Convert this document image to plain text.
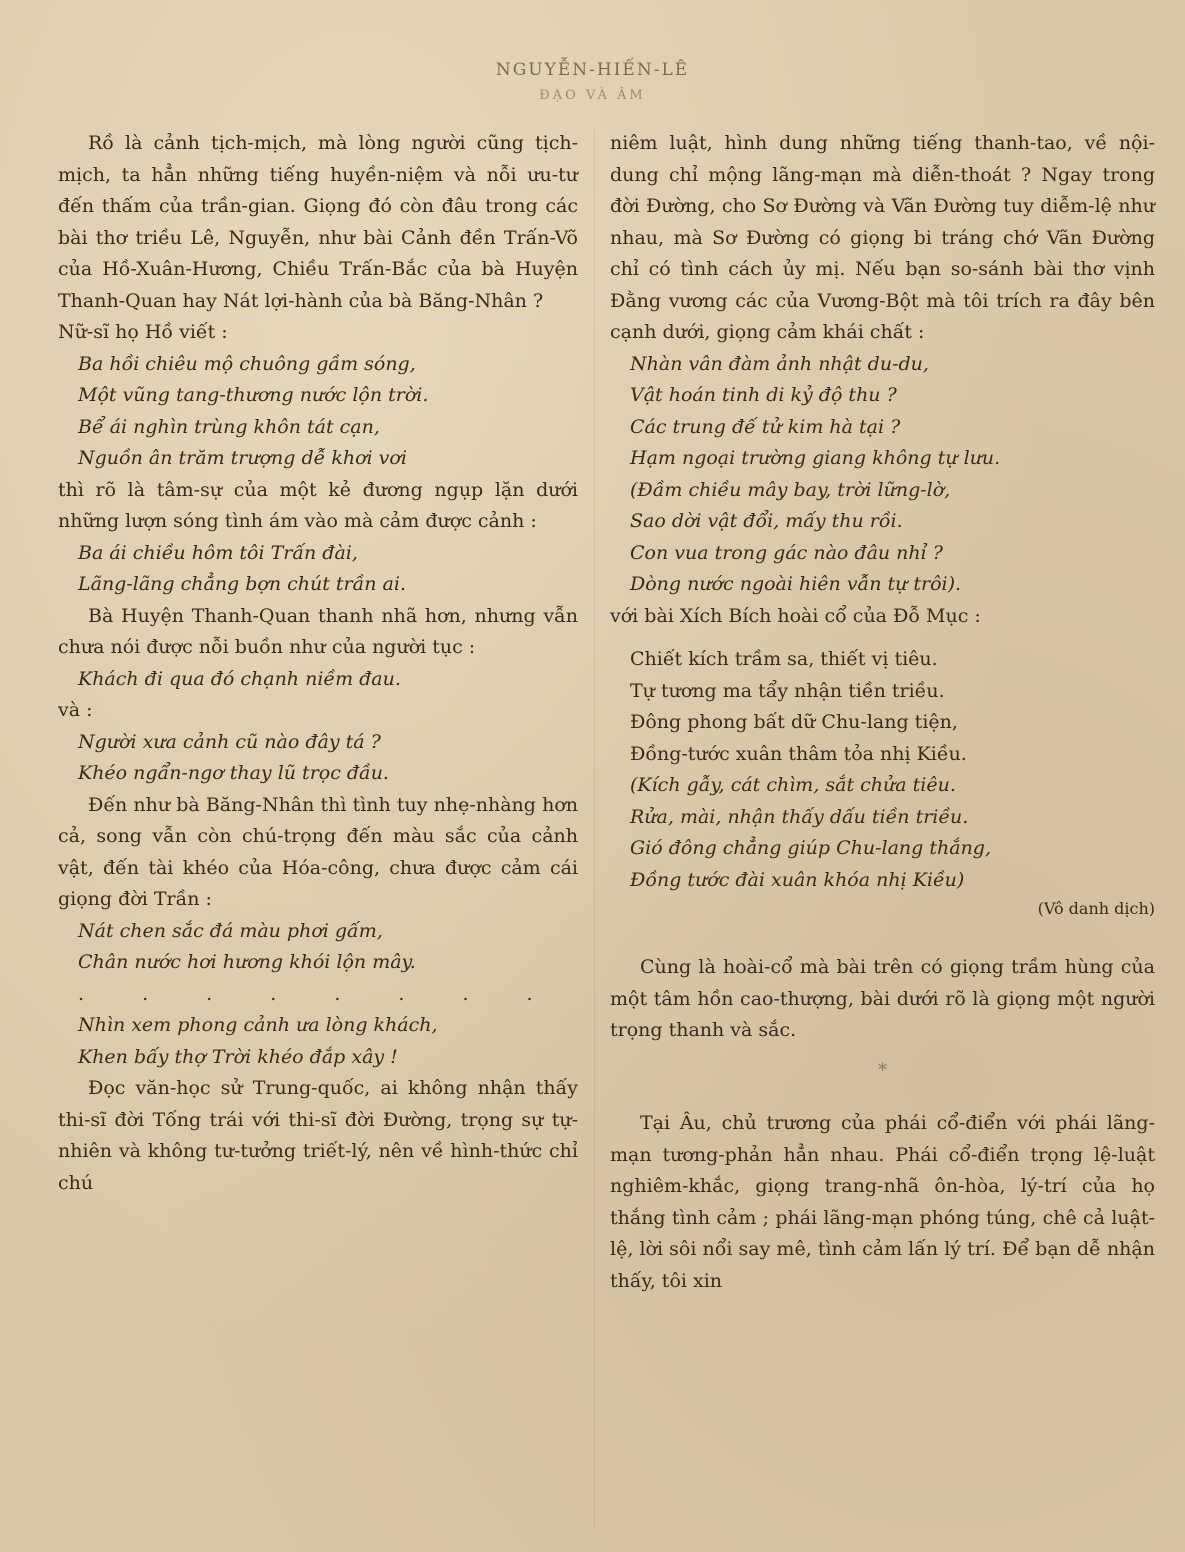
NGUYỄN-HIẾN-LÊ
ĐẠO VÀ ÂM

Rồ là cảnh tịch-mịch, mà lòng người cũng tịch-mịch, ta hẳn những tiếng huyền-niệm và nỗi ưu-tư đến thấm của trần-gian. Giọng đó còn đâu trong các bài thơ triều Lê, Nguyễn, như bài Cảnh đền Trấn-Võ của Hồ-Xuân-Hương, Chiều Trấn-Bắc của bà Huyện Thanh-Quan hay Nát lợi-hành của bà Băng-Nhân ?

Nữ-sĩ họ Hồ viết :

Ba hồi chiêu mộ chuông gầm sóng,
Một vũng tang-thương nước lộn trời.
Bể ái nghìn trùng khôn tát cạn,
Nguồn ân trăm trượng dễ khơi vơi

thì rõ là tâm-sự của một kẻ đương ngụp lặn dưới những lượn sóng tình ám vào mà cảm được cảnh :

Ba ái chiều hôm tôi Trấn đài,
Lãng-lãng chẳng bợn chút trần ai.

Bà Huyện Thanh-Quan thanh nhã hơn, nhưng vẫn chưa nói được nỗi buồn như của người tục :

Khách đi qua đó chạnh niềm đau.

và :

Người xưa cảnh cũ nào đây tá ?
Khéo ngẩn-ngơ thay lũ trọc đầu.

Đến như bà Băng-Nhân thì tình tuy nhẹ-nhàng hơn cả, song vẫn còn chú-trọng đến màu sắc của cảnh vật, đến tài khéo của Hóa-công, chưa được cảm cái giọng đời Trần :

Nát chen sắc đá màu phơi gấm,
Chân nước hơi hương khói lộn mây.

. . . . . . . .

Nhìn xem phong cảnh ưa lòng khách,
Khen bấy thợ Trời khéo đắp xây !

Đọc văn-học sử Trung-quốc, ai không nhận thấy thi-sĩ đời Tống trái với thi-sĩ đời Đường, trọng sự tự-nhiên và không tư-tưởng triết-lý, nên về hình-thức chỉ chú

niêm luật, hình dung những tiếng thanh-tao, về nội-dung chỉ mộng lãng-mạn mà diễn-thoát ? Ngay trong đời Đường, cho Sơ Đường và Vãn Đường tuy diễm-lệ như nhau, mà Sơ Đường có giọng bi tráng chớ Vãn Đường chỉ có tình cách ủy mị. Nếu bạn so-sánh bài thơ vịnh Đằng vương các của Vương-Bột mà tôi trích ra đây bên cạnh dưới, giọng cảm khái chất :

Nhàn vân đàm ảnh nhật du-du,
Vật hoán tinh di kỷ độ thu ?
Các trung đế tử kim hà tại ?
Hạm ngoại trường giang không tự lưu.
(Đầm chiều mây bay, trời lững-lờ,
Sao dời vật đổi, mấy thu rồi.
Con vua trong gác nào đâu nhỉ ?
Dòng nước ngoài hiên vẫn tự trôi).

với bài Xích Bích hoài cổ của Đỗ Mục :

Chiết kích trầm sa, thiết vị tiêu.
Tự tương ma tẩy nhận tiền triều.
Đông phong bất dữ Chu-lang tiện,
Đồng-tước xuân thâm tỏa nhị Kiều.
(Kích gẫy, cát chìm, sắt chửa tiêu.
Rửa, mài, nhận thấy dấu tiền triều.
Gió đông chẳng giúp Chu-lang thắng,
Đồng tước đài xuân khóa nhị Kiều)

(Vô danh dịch)

Cùng là hoài-cổ mà bài trên có giọng trầm hùng của một tâm hồn cao-thượng, bài dưới rõ là giọng một người trọng thanh và sắc.

*

Tại Âu, chủ trương của phái cổ-điển với phái lãng-mạn tương-phản hẳn nhau. Phái cổ-điển trọng lệ-luật nghiêm-khắc, giọng trang-nhã ôn-hòa, lý-trí của họ thắng tình cảm ; phái lãng-mạn phóng túng, chê cả luật-lệ, lời sôi nổi say mê, tình cảm lấn lý trí. Để bạn dễ nhận thấy, tôi xin
